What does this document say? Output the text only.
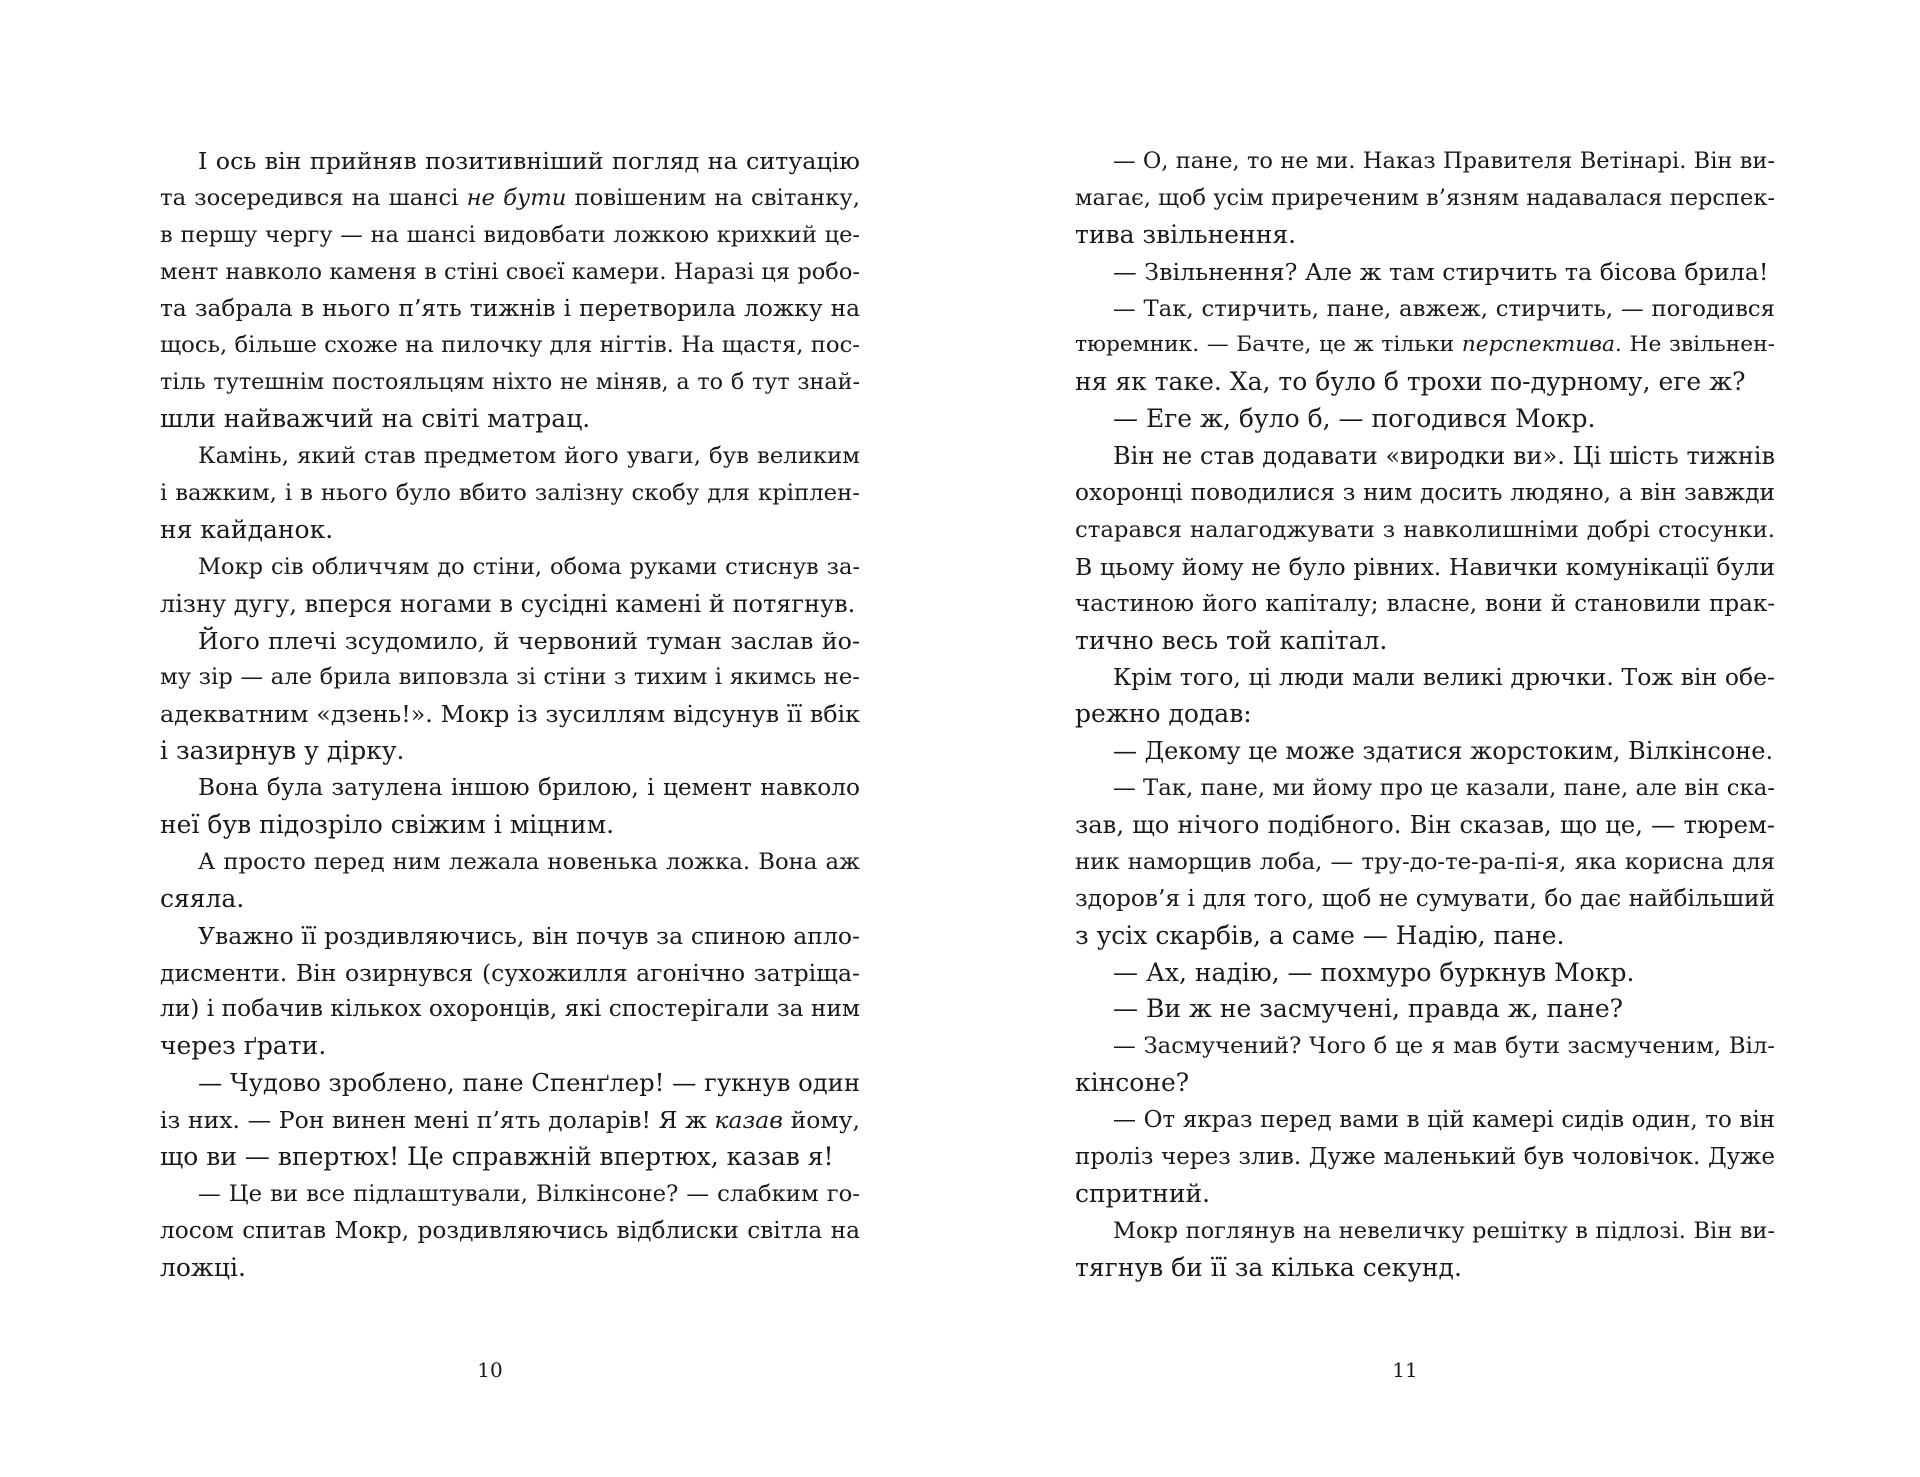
І ось він прийняв позитивніший погляд на ситуацію
та зосередився на шансі не бути повішеним на світанку,
в першу чергу — на шансі видовбати ложкою крихкий це-
мент навколо каменя в стіні своєї камери. Наразі ця робо-
та забрала в нього п’ять тижнів і перетворила ложку на
щось, більше схоже на пилочку для нігтів. На щастя, пос-
тіль тутешнім постояльцям ніхто не міняв, а то б тут знай-
шли найважчий на світі матрац.
Камінь, який став предметом його уваги, був великим
і важким, і в нього було вбито залізну скобу для кріплен-
ня кайданок.
Мокр сів обличчям до стіни, обома руками стиснув за-
лізну дугу, вперся ногами в сусідні камені й потягнув.
Його плечі зсудомило, й червоний туман заслав йо-
му зір — але брила виповзла зі стіни з тихим і якимсь не-
адекватним «дзень!». Мокр із зусиллям відсунув її вбік
і зазирнув у дірку.
Вона була затулена іншою брилою, і цемент навколо
неї був підозріло свіжим і міцним.
А просто перед ним лежала новенька ложка. Вона аж
сяяла.
Уважно її роздивляючись, він почув за спиною апло-
дисменти. Він озирнувся (сухожилля агонічно затріща-
ли) і побачив кількох охоронців, які спостерігали за ним
через ґрати.
— Чудово зроблено, пане Спенґлер! — гукнув один
із них. — Рон винен мені п’ять доларів! Я ж казав йому,
що ви — впертюх! Це справжній впертюх, казав я!
— Це ви все підлаштували, Вілкінсоне? — слабким го-
лосом спитав Мокр, роздивляючись відблиски світла на
ложці.
— О, пане, то не ми. Наказ Правителя Ветінарі. Він ви-
магає, щоб усім приреченим в’язням надавалася перспек-
тива звільнення.
— Звільнення? Але ж там стирчить та бісова брила!
— Так, стирчить, пане, авжеж, стирчить, — погодився
тюремник. — Бачте, це ж тільки перспектива. Не звільнен-
ня як таке. Ха, то було б трохи по-дурному, еге ж?
— Еге ж, було б, — погодився Мокр.
Він не став додавати «виродки ви». Ці шість тижнів
охоронці поводилися з ним досить людяно, а він завжди
старався налагоджувати з навколишніми добрі стосунки.
В цьому йому не було рівних. Навички комунікації були
частиною його капіталу; власне, вони й становили прак-
тично весь той капітал.
Крім того, ці люди мали великі дрючки. Тож він обе-
режно додав:
— Декому це може здатися жорстоким, Вілкінсоне.
— Так, пане, ми йому про це казали, пане, але він ска-
зав, що нічого подібного. Він сказав, що це, — тюрем-
ник наморщив лоба, — тру-до-те-ра-пі-я, яка корисна для
здоров’я і для того, щоб не сумувати, бо дає найбільший
з усіх скарбів, а саме — Надію, пане.
— Ах, надію, — похмуро буркнув Мокр.
— Ви ж не засмучені, правда ж, пане?
— Засмучений? Чого б це я мав бути засмученим, Віл-
кінсоне?
— От якраз перед вами в цій камері сидів один, то він
проліз через злив. Дуже маленький був чоловічок. Дуже
спритний.
Мокр поглянув на невеличку решітку в підлозі. Він ви-
тягнув би її за кілька секунд.
10	11
